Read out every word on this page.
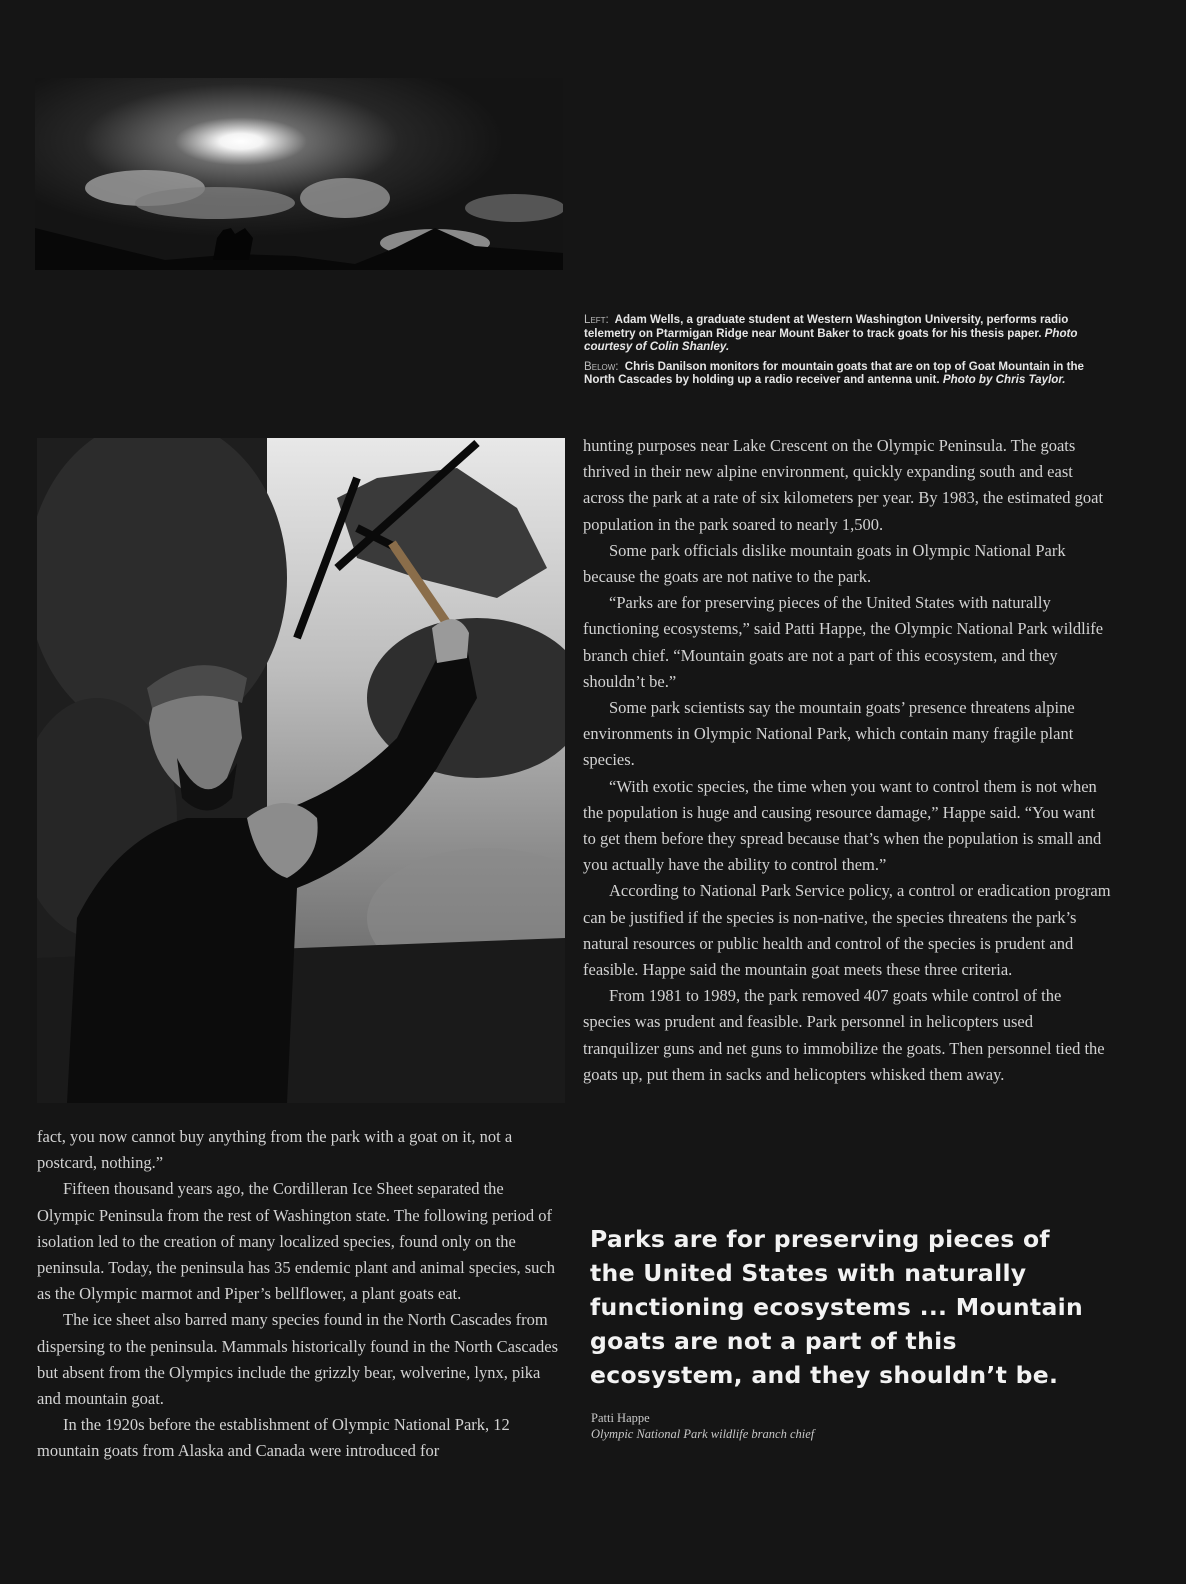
Left: Adam Wells, a graduate student at Western Washington University, performs radio telemetry on Ptarmigan Ridge near Mount Baker to track goats for his thesis paper. Photo courtesy of Colin Shanley.

Below: Chris Danilson monitors for mountain goats that are on top of Goat Mountain in the North Cascades by holding up a radio receiver and antenna unit. Photo by Chris Taylor.

hunting purposes near Lake Crescent on the Olympic Peninsula. The goats thrived in their new alpine environment, quickly expanding south and east across the park at a rate of six kilometers per year. By 1983, the estimated goat population in the park soared to nearly 1,500.

Some park officials dislike mountain goats in Olympic National Park because the goats are not native to the park.

“Parks are for preserving pieces of the United States with naturally functioning ecosystems,” said Patti Happe, the Olympic National Park wildlife branch chief. “Mountain goats are not a part of this ecosystem, and they shouldn’t be.”

Some park scientists say the mountain goats’ presence threatens alpine environments in Olympic National Park, which contain many fragile plant species.

“With exotic species, the time when you want to control them is not when the population is huge and causing resource damage,” Happe said. “You want to get them before they spread because that’s when the population is small and you actually have the ability to control them.”

According to National Park Service policy, a control or eradication program can be justified if the species is non-native, the species threatens the park’s natural resources or public health and control of the species is prudent and feasible. Happe said the mountain goat meets these three criteria.

From 1981 to 1989, the park removed 407 goats while control of the species was prudent and feasible. Park personnel in helicopters used tranquilizer guns and net guns to immobilize the goats. Then personnel tied the goats up, put them in sacks and helicopters whisked them away.

fact, you now cannot buy anything from the park with a goat on it, not a postcard, nothing.”

Fifteen thousand years ago, the Cordilleran Ice Sheet separated the Olympic Peninsula from the rest of Washington state. The following period of isolation led to the creation of many localized species, found only on the peninsula. Today, the peninsula has 35 endemic plant and animal species, such as the Olympic marmot and Piper’s bellflower, a plant goats eat.

The ice sheet also barred many species found in the North Cascades from dispersing to the peninsula. Mammals historically found in the North Cascades but absent from the Olympics include the grizzly bear, wolverine, lynx, pika and mountain goat.

In the 1920s before the establishment of Olympic National Park, 12 mountain goats from Alaska and Canada were introduced for

Parks are for preserving pieces of the United States with naturally functioning ecosystems ... Mountain goats are not a part of this ecosystem, and they shouldn’t be.
Patti Happe
Olympic National Park wildlife branch chief
